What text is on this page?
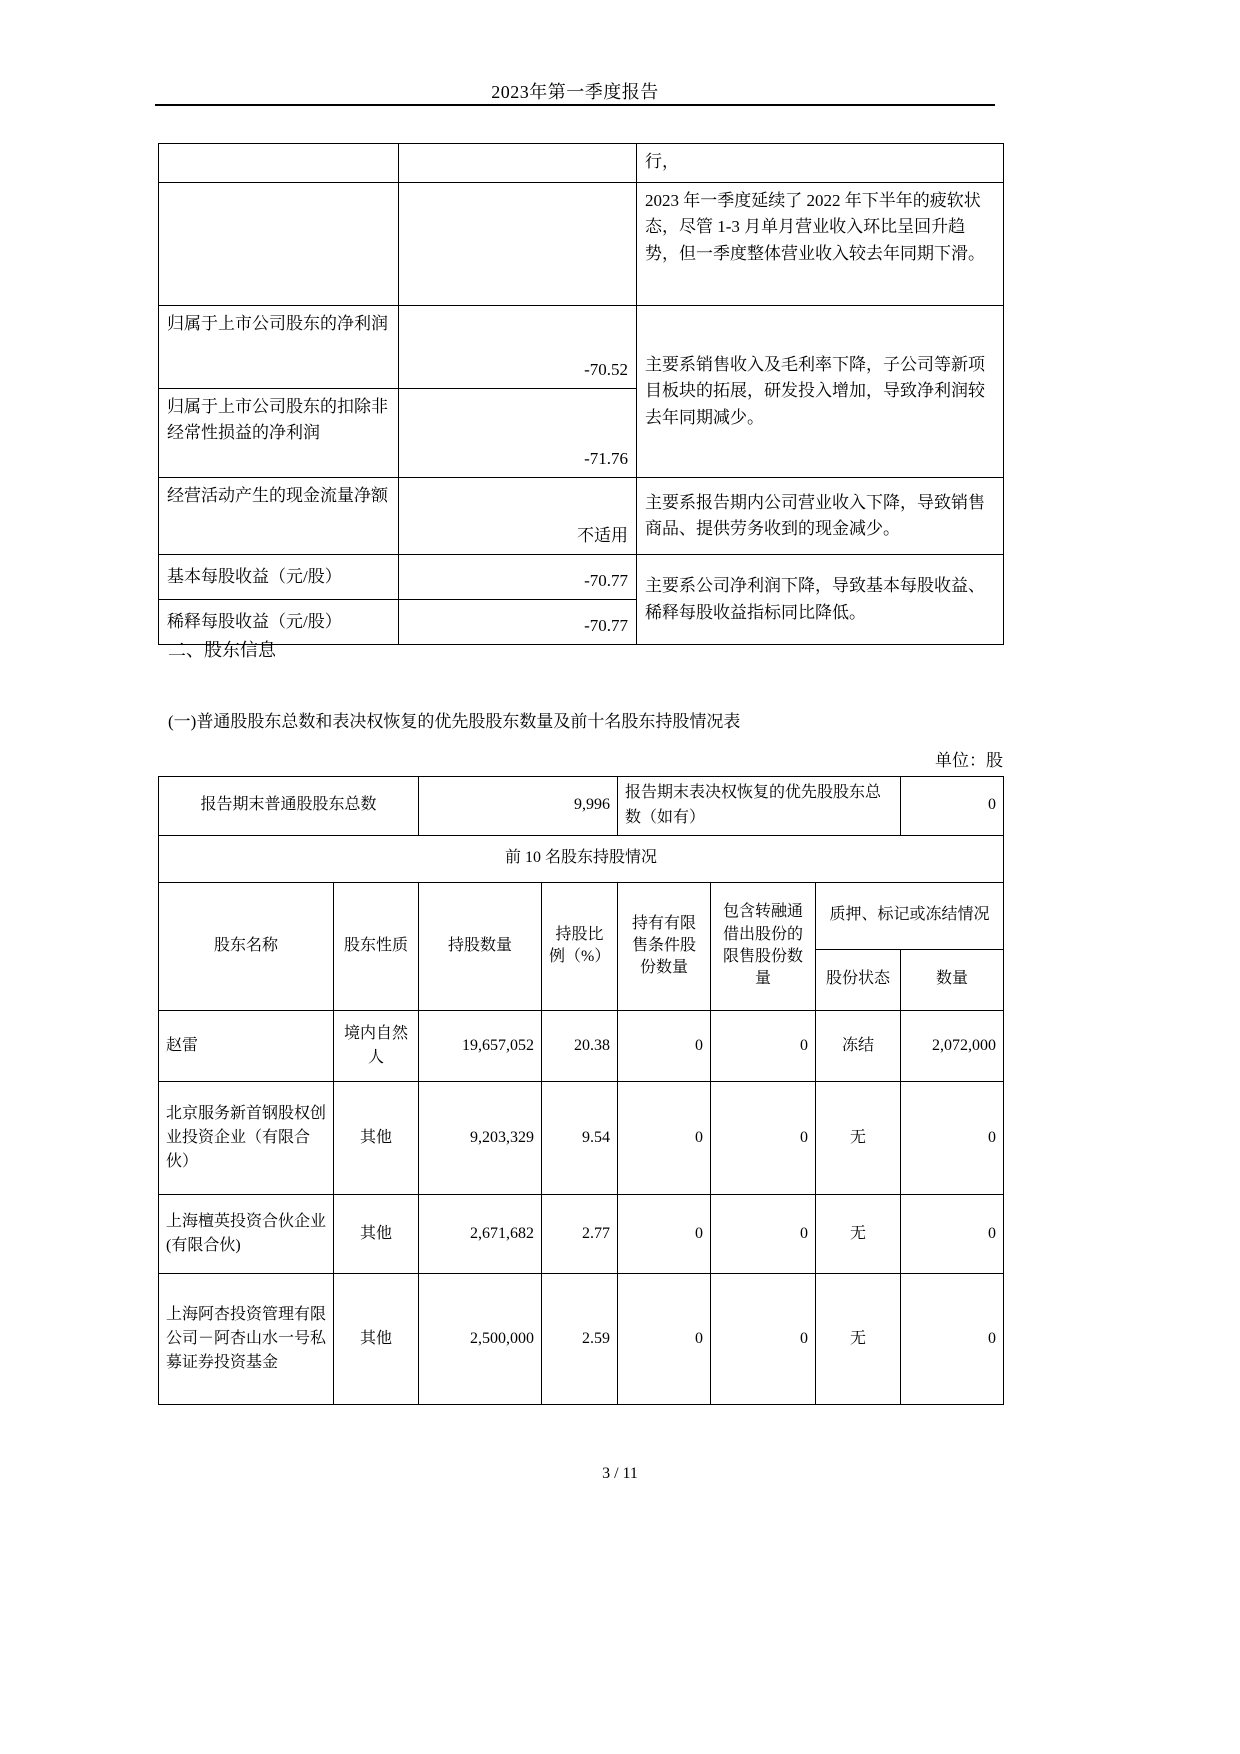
2023年第一季度报告
		行，
		2023 年一季度延续了 2022 年下半年的疲软状态，尽管 1-3 月单月营业收入环比呈回升趋势，但一季度整体营业收入较去年同期下滑。
归属于上市公司股东的净利润	-70.52	主要系销售收入及毛利率下降，子公司等新项目板块的拓展，研发投入增加，导致净利润较去年同期减少。
归属于上市公司股东的扣除非经常性损益的净利润	-71.76	
经营活动产生的现金流量净额	不适用	主要系报告期内公司营业收入下降，导致销售商品、提供劳务收到的现金减少。
基本每股收益（元/股）	-70.77	主要系公司净利润下降，导致基本每股收益、稀释每股收益指标同比降低。
稀释每股收益（元/股）	-70.77	
二、股东信息
(一)普通股股东总数和表决权恢复的优先股股东数量及前十名股东持股情况表
单位：股
报告期末普通股股东总数		9,996		报告期末表决权恢复的优先股股东总数（如有）			0
前 10 名股东持股情况							
股东名称	股东性质	持股数量	持股比例（%）	持有有限售条件股份数量	包含转融通借出股份的限售股份数量	质押、标记或冻结情况	
						股份状态	数量
赵雷	境内自然人	19,657,052	20.38	0	0	冻结	2,072,000
北京服务新首钢股权创业投资企业（有限合伙）	其他	9,203,329	9.54	0	0	无	0
上海檀英投资合伙企业(有限合伙)	其他	2,671,682	2.77	0	0	无	0
上海阿杏投资管理有限公司－阿杏山水一号私募证券投资基金	其他	2,500,000	2.59	0	0	无	0
3 / 11
